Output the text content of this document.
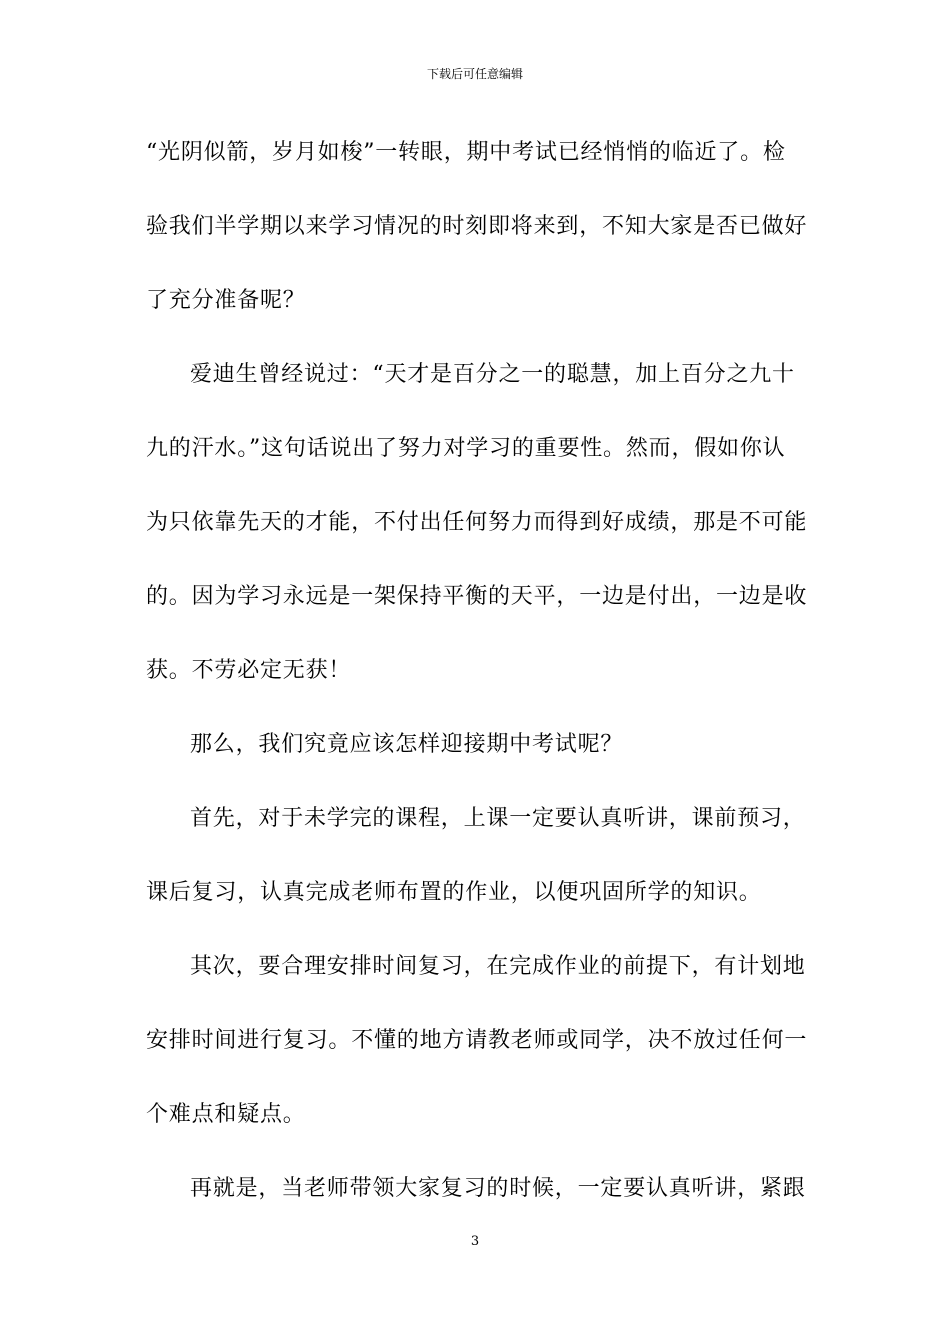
下载后可任意编辑
“光阴似箭，岁月如梭”一转眼，期中考试已经悄悄的临近了。检
验我们半学期以来学习情况的时刻即将来到，不知大家是否已做好
了充分准备呢？
爱迪生曾经说过：“天才是百分之一的聪慧，加上百分之九十
九的汗水。”这句话说出了努力对学习的重要性。然而，假如你认
为只依靠先天的才能，不付出任何努力而得到好成绩，那是不可能
的。因为学习永远是一架保持平衡的天平，一边是付出，一边是收
获。不劳必定无获！
那么，我们究竟应该怎样迎接期中考试呢？
首先，对于未学完的课程，上课一定要认真听讲，课前预习，
课后复习，认真完成老师布置的作业，以便巩固所学的知识。
其次，要合理安排时间复习，在完成作业的前提下，有计划地
安排时间进行复习。不懂的地方请教老师或同学，决不放过任何一
个难点和疑点。
再就是，当老师带领大家复习的时候，一定要认真听讲，紧跟
3
